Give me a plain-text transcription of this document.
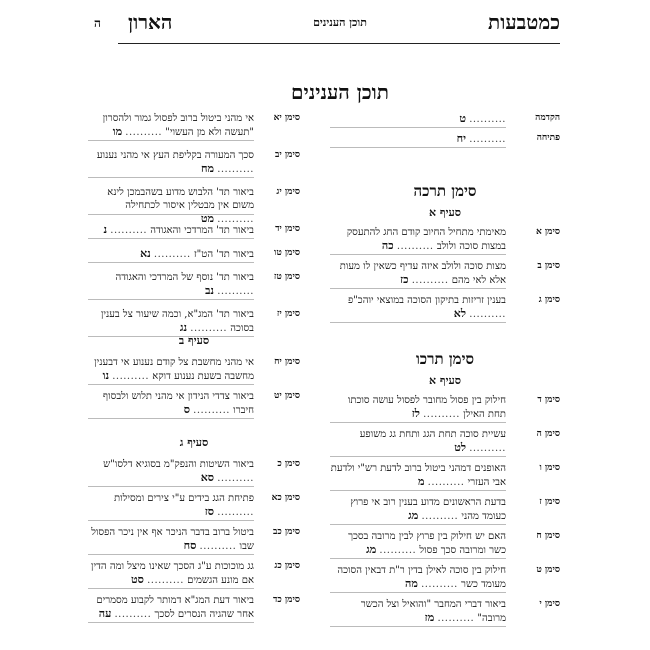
כמטבעות
תוכן הענינים
הארון
ה
תוכן הענינים
הקדמה
.......... ט
פתיחה
.......... יח
סימן תרכה
סעיף א
סימן א
מאימתי מתחיל החיוב קודם החג להתעסק במצות סוכה ולולב .......... כה
סימן ב
מצות סוכה ולולב איזה עדיף כשאין לו מעות אלא לאי מהם .......... כז
סימן ג
בענין זריזות בתיקון הסוכה במוצאי יוהכ"פ .......... לא
סימן תרכו
סעיף א
סימן ד
חילוק בין פסול מחובר לפסול עושה סוכתו תחת האילן .......... לז
סימן ה
עשיית סוכה תחת הגג ותחת גג משופע .......... לט
סימן ו
האופנים דמהני ביטול ברוב לדעת רש"י ולדעת אבי העזרי .......... מ
סימן ז
בדעת הראשונים מדוע בענין רוב אי פרוץ כעומד מהני .......... מג
סימן ח
האם יש חילוק בין פרוץ לבין מרובה בסכך כשר ומרובה סכך פסול .......... מג
סימן ט
חילוק בין סוכה לאילן בדין ר"ת דבאין הסוכה מעומד כשר .......... מה
סימן י
ביאור דברי המחבר "והואיל וצל הכשר מרובה" .......... מז
סימן יא
אי מהני ביטול ברוב לפסול גמור ולהסרון "תעשה ולא מן העשוי" .......... מו
סימן יב
סכך המעורה בקליפת העץ אי מהני נענוע .......... מח
סימן יג
ביאור תד' הלבוש מדוע בשהבמכן לינא משום אין מבטלין איסור לכתחילה .......... מט
סימן יד
ביאור תד' המרדכי והאגודה .......... נ
סימן טו
ביאור תד' הט"ז .......... נא
סימן טז
ביאור תד' נוסף של המרדכי והאגודה .......... נב
סימן יז
ביאור תד' המג"א, וכמה שיעור צל בענין בסוכה .......... נג
סעיף ב
סימן יח
אי מהני מחשבת צל קודם נענוע אי דבענין מחשבה בשעת נענוע דוקא .......... נו
סימן יט
ביאור צדדי הנידון אי מהני תלוש ולבסוף חיברו .......... ס
סעיף ג
סימן כ
ביאור השיטות והנפק"מ בסוגיא דלסו"ש .......... סא
סימן כא
פתיחת הגג בידים ע"י צירים ומסילות .......... סז
סימן כב
ביטול ברוב בדבר הניכר אף אין ניכר הפסול שבו .......... סח
סימן כג
גג מוכוכות ע"ג הסכך שאינו מיצל ומה הדין אם מונע הגשמים .......... סט
סימן כד
ביאור דעת המג"א דמותר לקבוע מסמרים אחר שהגיה הנסרים לסכך .......... עה
